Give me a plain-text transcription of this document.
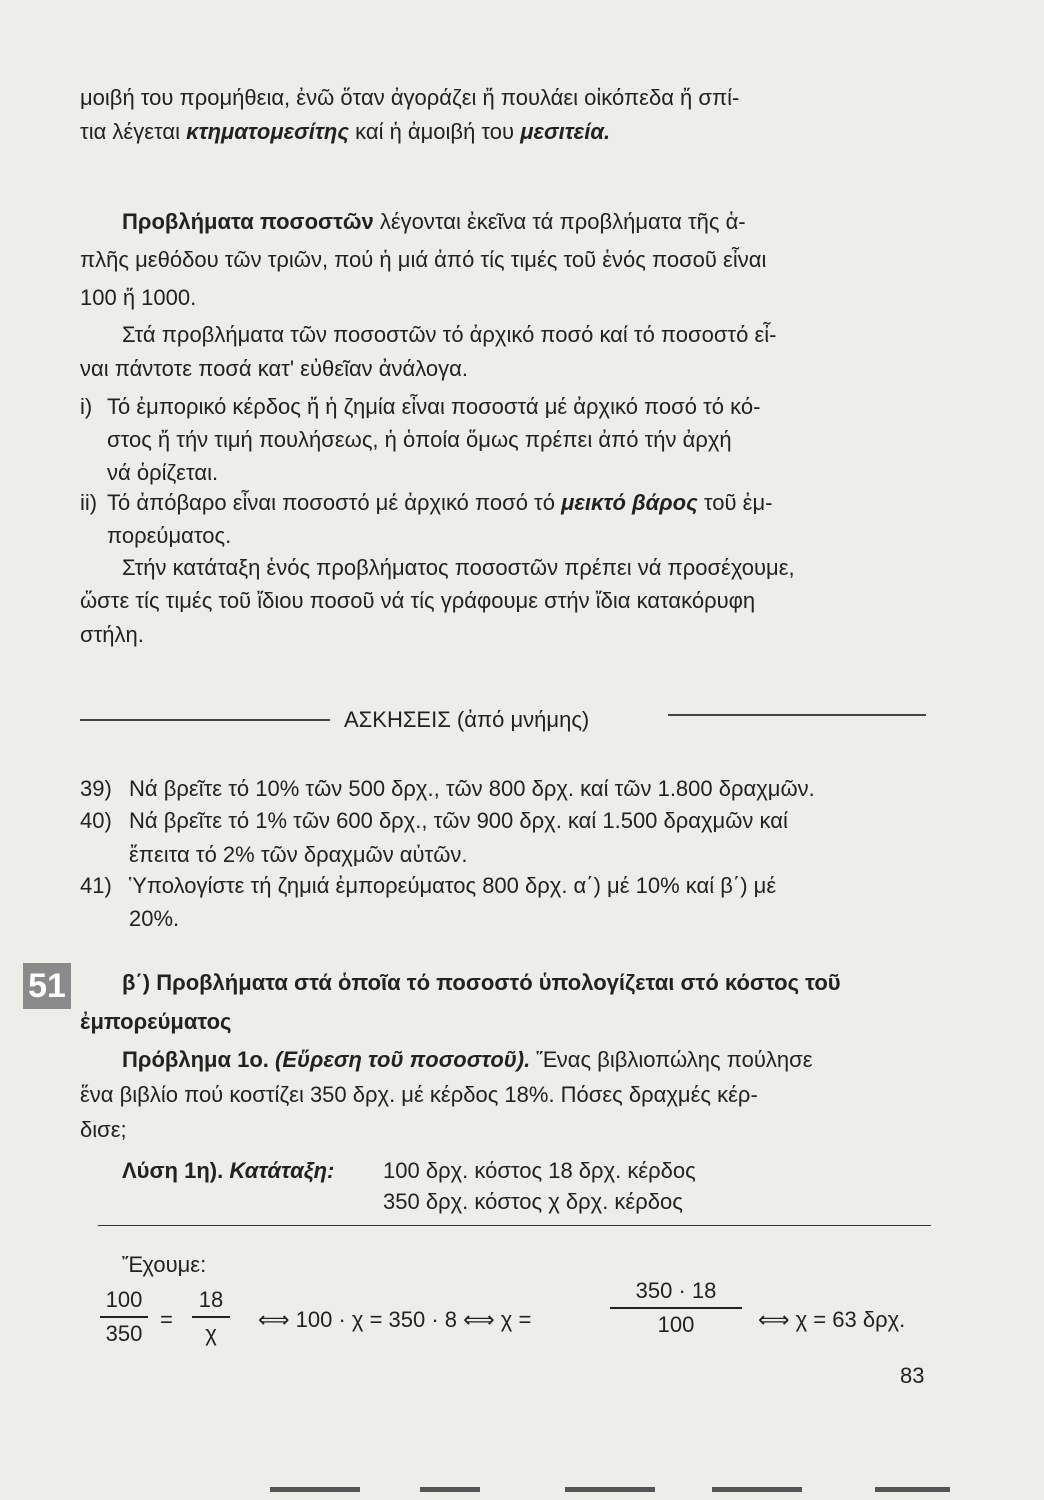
μοιβή του προμήθεια, ἐνῶ ὅταν ἀγοράζει ἤ πουλάει οἰκόπεδα ἤ σπί-
τια λέγεται κτηματομεσίτης καί ἡ ἀμοιβή του μεσιτεία.
Προβλήματα ποσοστῶν λέγονται ἐκεῖνα τά προβλήματα τῆς ἁ-
πλῆς μεθόδου τῶν τριῶν, πού ἡ μιά ἀπό τίς τιμές τοῦ ἑνός ποσοῦ εἶναι
100 ἤ 1000.
Στά προβλήματα τῶν ποσοστῶν τό ἀρχικό ποσό καί τό ποσοστό εἶ-
ναι πάντοτε ποσά κατ' εὐθεῖαν ἀνάλογα.
i) Τό ἐμπορικό κέρδος ἤ ἡ ζημία εἶναι ποσοστά μέ ἀρχικό ποσό τό κό-
στος ἤ τήν τιμή πουλήσεως, ἡ ὁποία ὅμως πρέπει ἀπό τήν ἀρχή
νά ὁρίζεται.
ii) Τό ἀπόβαρο εἶναι ποσοστό μέ ἀρχικό ποσό τό μεικτό βάρος τοῦ ἐμ-
πορεύματος.
Στήν κατάταξη ἑνός προβλήματος ποσοστῶν πρέπει νά προσέχουμε,
ὥστε τίς τιμές τοῦ ἴδιου ποσοῦ νά τίς γράφουμε στήν ἴδια κατακόρυφη
στήλη.
ΑΣΚΗΣΕΙΣ (ἀπό μνήμης)
39) Νά βρεῖτε τό 10% τῶν 500 δρχ., τῶν 800 δρχ. καί τῶν 1.800 δραχμῶν.
40) Νά βρεῖτε τό 1% τῶν 600 δρχ., τῶν 900 δρχ. καί 1.500 δραχμῶν καί
ἔπειτα τό 2% τῶν δραχμῶν αὐτῶν.
41) Ὑπολογίστε τή ζημιά ἐμπορεύματος 800 δρχ. α΄) μέ 10% καί β΄) μέ
20%.
51	β΄) Προβλήματα στά ὁποῖα τό ποσοστό ὑπολογίζεται στό κόστος τοῦ
ἐμπορεύματος
Πρόβλημα 1ο. (Εὕρεση τοῦ ποσοστοῦ). Ἕνας βιβλιοπώλης πούλησε
ἕνα βιβλίο πού κοστίζει 350 δρχ. μέ κέρδος 18%. Πόσες δραχμές κέρ-
δισε;
Λύση 1η). Κατάταξη: 100 δρχ. κόστος 18 δρχ. κέρδος
350 δρχ. κόστος χ δρχ. κέρδος
Ἔχουμε:
100
350
=
18
χ
⟺ 100 · χ = 350 · 8 ⟺ χ =
350 · 18
100	⟺ χ = 63 δρχ.
83
